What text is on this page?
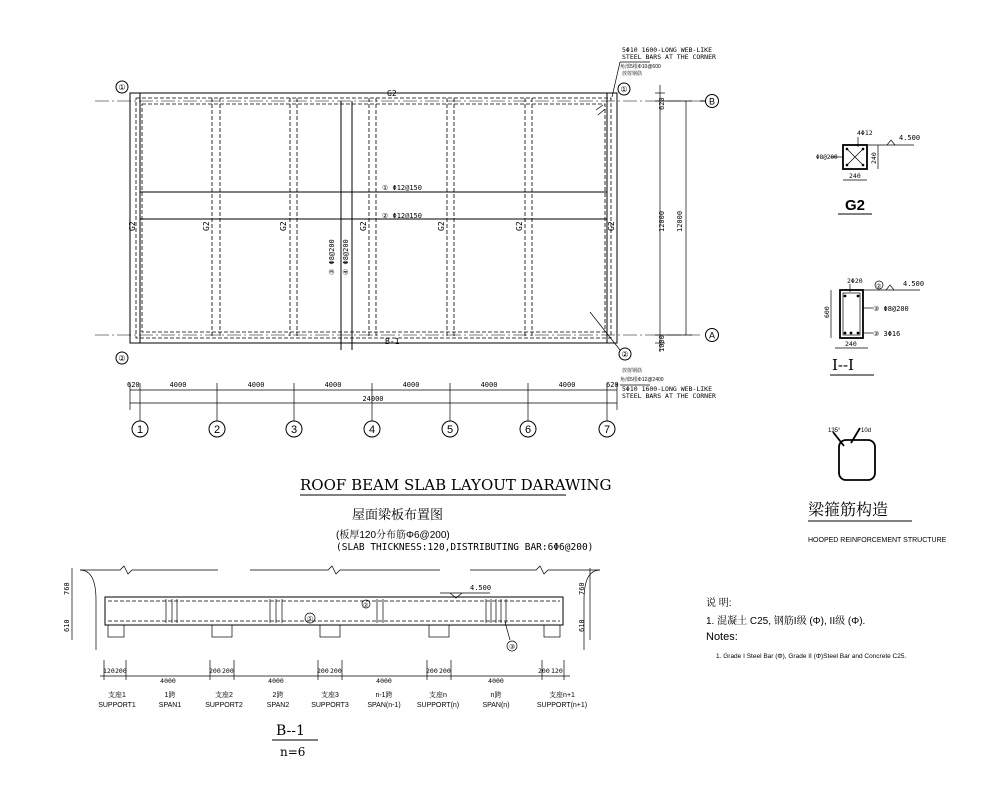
① Φ12@150
② Φ12@150
③ Φ8@200 ④ Φ8@200
G2
G2	G2	G2	G2	G2	G2	G2
B-1
①	①
②	②
5Φ10 1600-LONG WEB-LIKE
STEEL BARS AT THE CORNER
角部5根Φ10@600
放射钢筋
放射钢筋
角部5根Φ12@2400
5Φ10 1600-LONG WEB-LIKE
STEEL BARS AT THE CORNER
B
A
620
12000 12000
1000
620	4000	4000	4000	4000	4000	4000	620
24000
1	2	3	4	5	6	7
ROOF BEAM SLAB LAYOUT DARAWING
屋面梁板布置图
(板厚120分布筋Φ6@200)
(SLAB THICKNESS:120,DISTRIBUTING BAR:6Φ6@200)
4Φ12
Φ8@200
4.500
240
240
G2
2Φ20	4.500
②
③ Φ8@200
③ 3Φ16
600
240
I--I
135°	10d
梁箍筋构造
HOOPED REINFORCEMENT STRUCTURE
4.500
①
②
③
760
610
760
610
120 200
4000
200 200
4000
200 200
4000
200 200
4000
200 120
支座1
SUPPORT1
1跨
SPAN1
支座2
SUPPORT2
2跨
SPAN2
支座3
SUPPORT3
n-1跨
SPAN(n-1)
支座n
SUPPORT(n)
n跨
SPAN(n)
支座n+1
SUPPORT(n+1)
B--1
n=6
说 明:
1. 混凝土 C25, 钢筋I级 (Φ), II级 (Φ).
Notes:
1. Grade I Steel Bar (Φ), Grade II (Φ)Steel Bar and Concrete C25.
